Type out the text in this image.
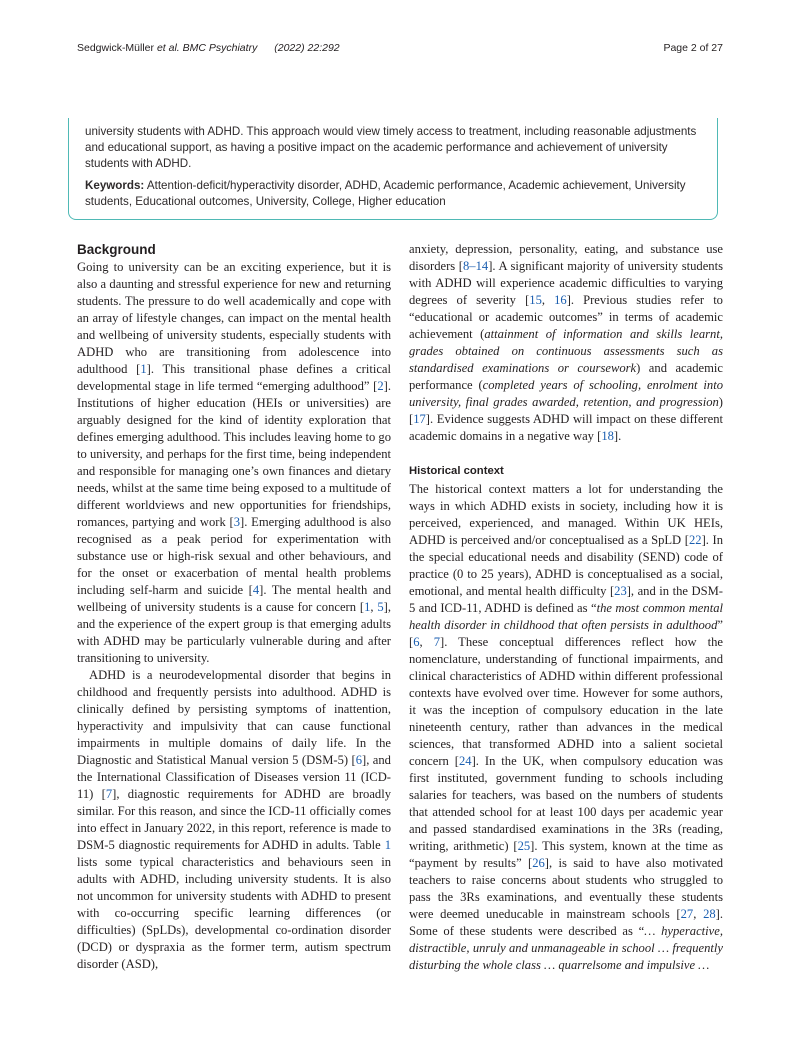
Sedgwick-Müller et al. BMC Psychiatry (2022) 22:292	Page 2 of 27

university students with ADHD. This approach would view timely access to treatment, including reasonable adjustments and educational support, as having a positive impact on the academic performance and achievement of university students with ADHD.

Keywords: Attention-deficit/hyperactivity disorder, ADHD, Academic performance, Academic achievement, University students, Educational outcomes, University, College, Higher education

Background

Going to university can be an exciting experience, but it is also a daunting and stressful experience for new and returning students. The pressure to do well academically and cope with an array of lifestyle changes, can impact on the mental health and wellbeing of university students, especially students with ADHD who are transitioning from adolescence into adulthood [1]. This transitional phase defines a critical developmental stage in life termed “emerging adulthood” [2]. Institutions of higher education (HEIs or universities) are arguably designed for the kind of identity exploration that defines emerging adulthood. This includes leaving home to go to university, and perhaps for the first time, being independent and responsible for managing one’s own finances and dietary needs, whilst at the same time being exposed to a multitude of different worldviews and new opportunities for friendships, romances, partying and work [3]. Emerging adulthood is also recognised as a peak period for experimentation with substance use or high-risk sexual and other behaviours, and for the onset or exacerbation of mental health problems including self-harm and suicide [4]. The mental health and wellbeing of university students is a cause for concern [1, 5], and the experience of the expert group is that emerging adults with ADHD may be particularly vulnerable during and after transitioning to university.

ADHD is a neurodevelopmental disorder that begins in childhood and frequently persists into adulthood. ADHD is clinically defined by persisting symptoms of inattention, hyperactivity and impulsivity that can cause functional impairments in multiple domains of daily life. In the Diagnostic and Statistical Manual version 5 (DSM-5) [6], and the International Classification of Diseases version 11 (ICD-11) [7], diagnostic requirements for ADHD are broadly similar. For this reason, and since the ICD-11 officially comes into effect in January 2022, in this report, reference is made to DSM-5 diagnostic requirements for ADHD in adults. Table 1 lists some typical characteristics and behaviours seen in adults with ADHD, including university students. It is also not uncommon for university students with ADHD to present with co-occurring specific learning differences (or difficulties) (SpLDs), developmental co-ordination disorder (DCD) or dyspraxia as the former term, autism spectrum disorder (ASD),

anxiety, depression, personality, eating, and substance use disorders [8–14]. A significant majority of university students with ADHD will experience academic difficulties to varying degrees of severity [15, 16]. Previous studies refer to “educational or academic outcomes” in terms of academic achievement (attainment of information and skills learnt, grades obtained on continuous assessments such as standardised examinations or coursework) and academic performance (completed years of schooling, enrolment into university, final grades awarded, retention, and progression) [17]. Evidence suggests ADHD will impact on these different academic domains in a negative way [18].

Historical context

The historical context matters a lot for understanding the ways in which ADHD exists in society, including how it is perceived, experienced, and managed. Within UK HEIs, ADHD is perceived and/or conceptualised as a SpLD [22]. In the special educational needs and disability (SEND) code of practice (0 to 25 years), ADHD is conceptualised as a social, emotional, and mental health difficulty [23], and in the DSM-5 and ICD-11, ADHD is defined as “the most common mental health disorder in childhood that often persists in adulthood” [6, 7]. These conceptual differences reflect how the nomenclature, understanding of functional impairments, and clinical characteristics of ADHD within different professional contexts have evolved over time. However for some authors, it was the inception of compulsory education in the late nineteenth century, rather than advances in the medical sciences, that transformed ADHD into a salient societal concern [24]. In the UK, when compulsory education was first instituted, government funding to schools including salaries for teachers, was based on the numbers of students that attended school for at least 100 days per academic year and passed standardised examinations in the 3Rs (reading, writing, arithmetic) [25]. This system, known at the time as “payment by results” [26], is said to have also motivated teachers to raise concerns about students who struggled to pass the 3Rs examinations, and eventually these students were deemed uneducable in mainstream schools [27, 28]. Some of these students were described as “… hyperactive, distractible, unruly and unmanageable in school … frequently disturbing the whole class … quarrelsome and impulsive …
